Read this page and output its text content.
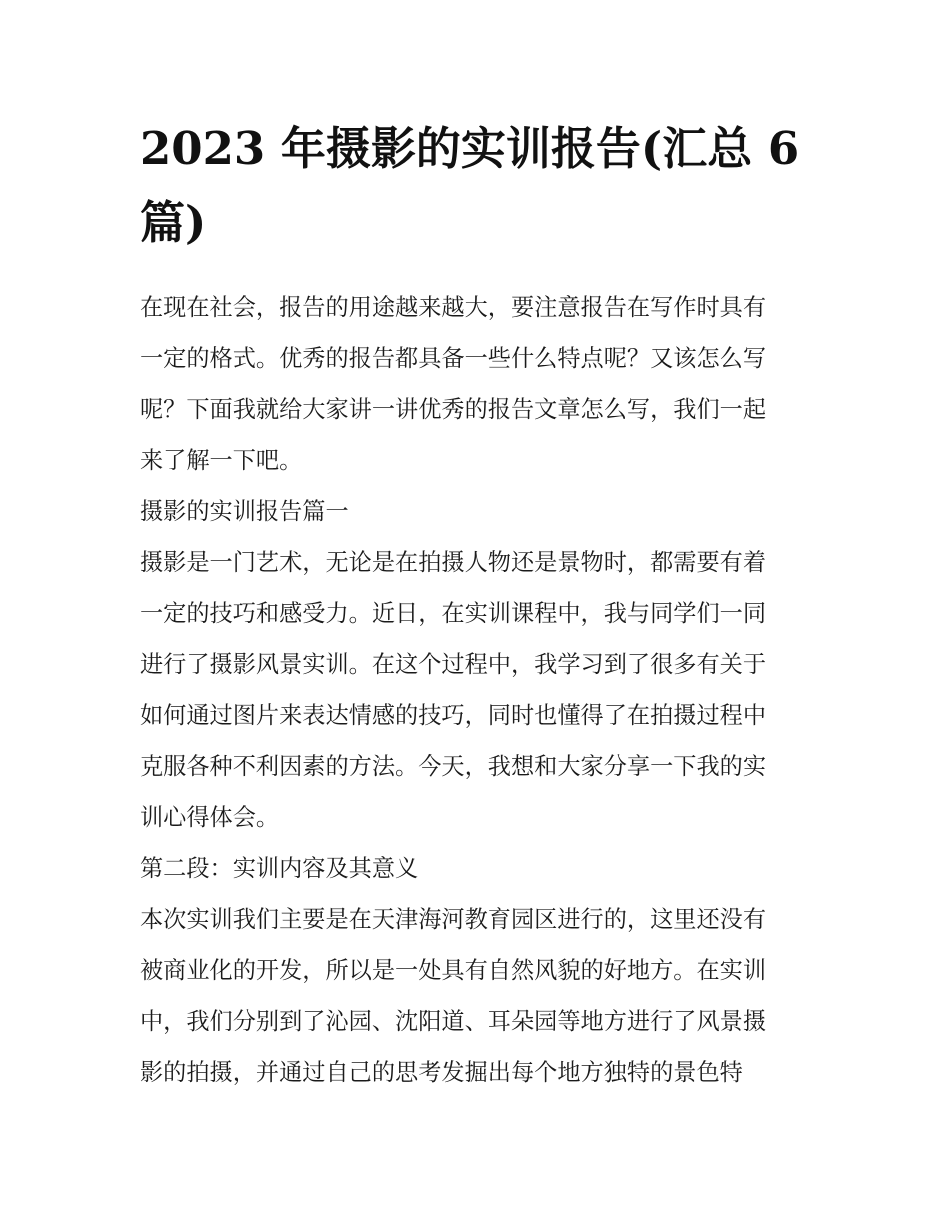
2023 年摄影的实训报告(汇总 6
篇)
在现在社会，报告的用途越来越大，要注意报告在写作时具有
一定的格式。优秀的报告都具备一些什么特点呢？又该怎么写
呢？下面我就给大家讲一讲优秀的报告文章怎么写，我们一起
来了解一下吧。
摄影的实训报告篇一
摄影是一门艺术，无论是在拍摄人物还是景物时，都需要有着
一定的技巧和感受力。近日，在实训课程中，我与同学们一同
进行了摄影风景实训。在这个过程中，我学习到了很多有关于
如何通过图片来表达情感的技巧，同时也懂得了在拍摄过程中
克服各种不利因素的方法。今天，我想和大家分享一下我的实
训心得体会。
第二段：实训内容及其意义
本次实训我们主要是在天津海河教育园区进行的，这里还没有
被商业化的开发，所以是一处具有自然风貌的好地方。在实训
中，我们分别到了沁园、沈阳道、耳朵园等地方进行了风景摄
影的拍摄，并通过自己的思考发掘出每个地方独特的景色特
